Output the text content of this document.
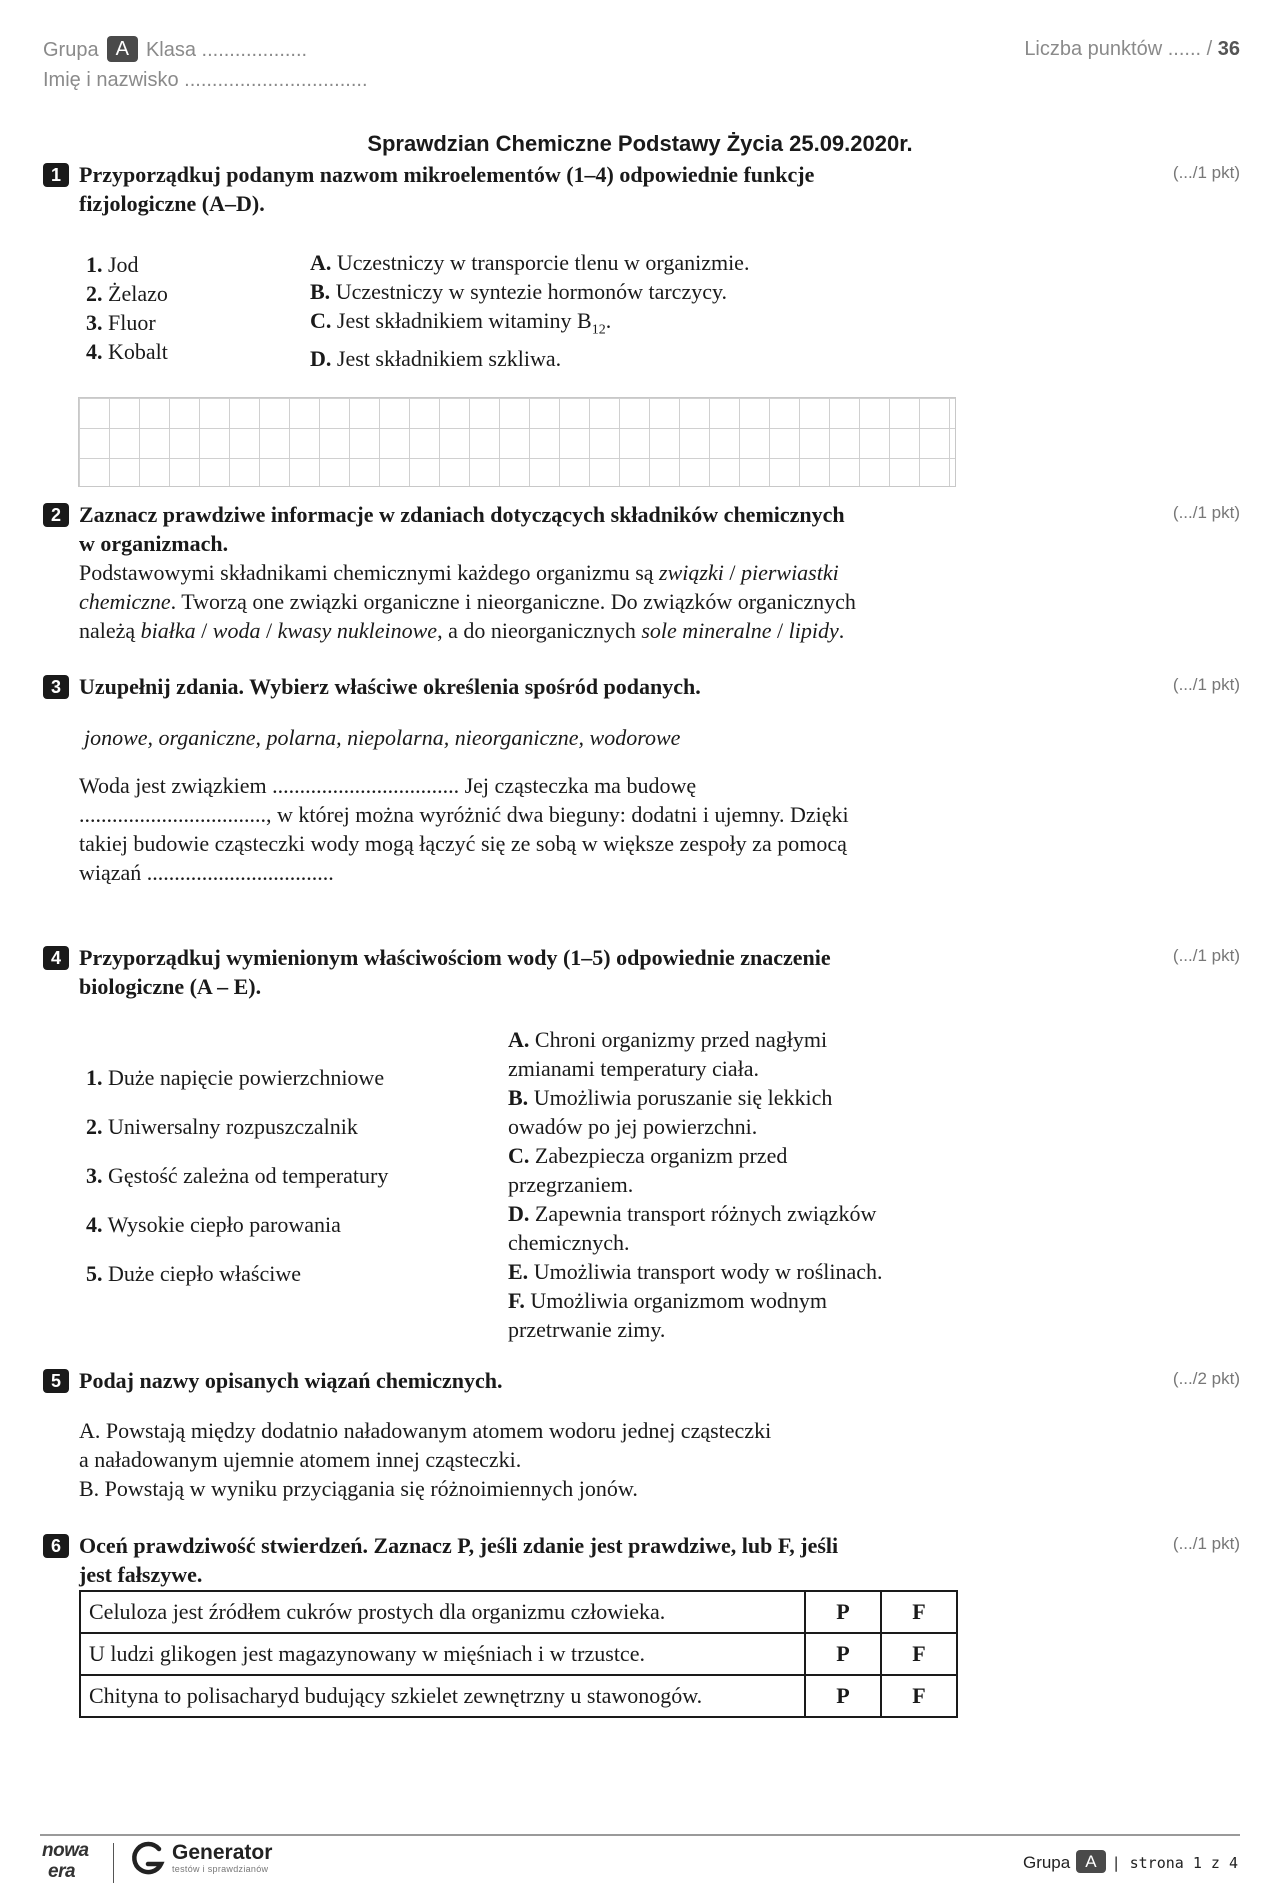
Grupa A Klasa ...................
Imię i nazwisko .................................
Liczba punktów ...... / 36
Sprawdzian Chemiczne Podstawy Życia 25.09.2020r.
1 Przyporządkuj podanym nazwom mikroelementów (1–4) odpowiednie funkcje
fizjologiczne (A–D).
(.../1 pkt)
1. Jod
2. Żelazo
3. Fluor
4. Kobalt
A. Uczestniczy w transporcie tlenu w organizmie.
B. Uczestniczy w syntezie hormonów tarczycy.
C. Jest składnikiem witaminy $B_{12}$.
D. Jest składnikiem szkliwa.
2 Zaznacz prawdziwe informacje w zdaniach dotyczących składników chemicznych
w organizmach.
(.../1 pkt)
Podstawowymi składnikami chemicznymi każdego organizmu są związki / pierwiastki
chemiczne. Tworzą one związki organiczne i nieorganiczne. Do związków organicznych
należą białka / woda / kwasy nukleinowe, a do nieorganicznych sole mineralne / lipidy.
3 Uzupełnij zdania. Wybierz właściwe określenia spośród podanych.	(.../1 pkt)
jonowe, organiczne, polarna, niepolarna, nieorganiczne, wodorowe
Woda jest związkiem .................................. Jej cząsteczka ma budowę
.................................., w której można wyróżnić dwa bieguny: dodatni i ujemny. Dzięki
takiej budowie cząsteczki wody mogą łączyć się ze sobą w większe zespoły za pomocą
wiązań ..................................
4 Przyporządkuj wymienionym właściwościom wody (1–5) odpowiednie znaczenie
biologiczne (A – E).
(.../1 pkt)
1. Duże napięcie powierzchniowe
2. Uniwersalny rozpuszczalnik
3. Gęstość zależna od temperatury
4. Wysokie ciepło parowania
5. Duże ciepło właściwe
A. Chroni organizmy przed nagłymi
zmianami temperatury ciała.
B. Umożliwia poruszanie się lekkich
owadów po jej powierzchni.
C. Zabezpiecza organizm przed
przegrzaniem.
D. Zapewnia transport różnych związków
chemicznych.
E. Umożliwia transport wody w roślinach.
F. Umożliwia organizmom wodnym
przetrwanie zimy.
5 Podaj nazwy opisanych wiązań chemicznych.	(.../2 pkt)
A. Powstają między dodatnio naładowanym atomem wodoru jednej cząsteczki
a naładowanym ujemnie atomem innej cząsteczki.
B. Powstają w wyniku przyciągania się różnoimiennych jonów.
6 Oceń prawdziwość stwierdzeń. Zaznacz P, jeśli zdanie jest prawdziwe, lub F, jeśli
jest fałszywe.
(.../1 pkt)
Celuloza jest źródłem cukrów prostych dla organizmu człowieka.	P	F
U ludzi glikogen jest magazynowany w mięśniach i w trzustce.	P	F
Chityna to polisacharyd budujący szkielet zewnętrzny u stawonogów.	P	F
nowa
era
Generator
testów i sprawdzianów	Grupa A | strona 1 z 4
